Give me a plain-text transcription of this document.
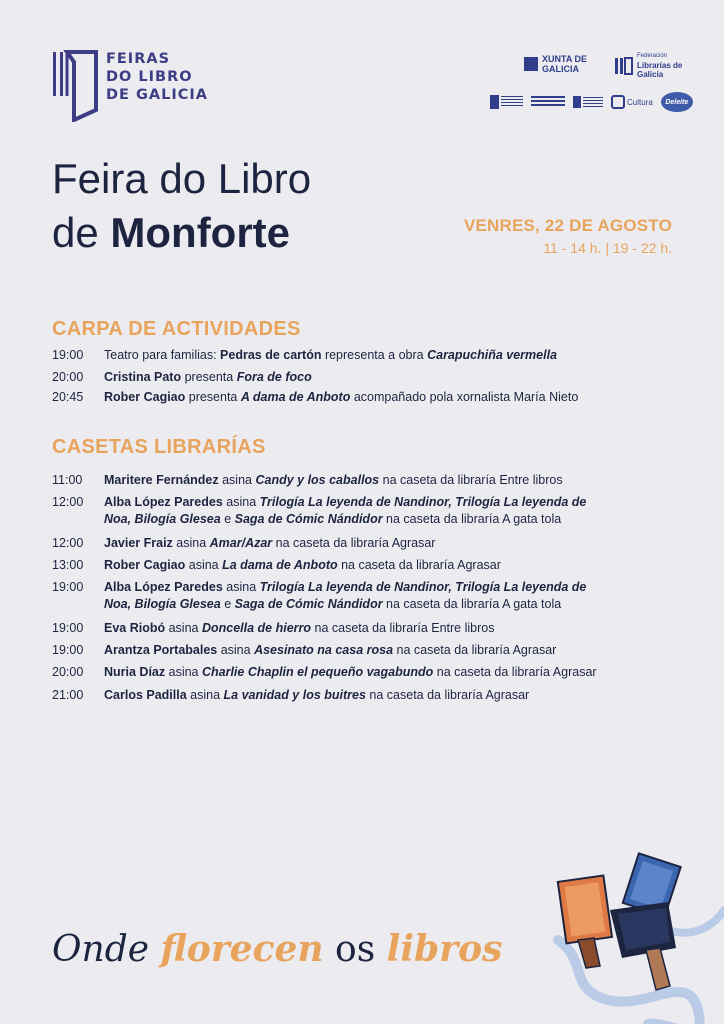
FEIRAS
DO LIBRO
DE GALICIA
XUNTA DE GALICIA
Federación
Librarías de Galicia
Cultura Deleite
Feira do Libro
de Monforte	VENRES, 22 DE AGOSTO
11 - 14 h. | 19 - 22 h.
CARPA DE ACTIVIDADES
19:00	Teatro para familias: Pedras de cartón representa a obra Carapuchiña vermella
20:00	Cristina Pato presenta Fora de foco
20:45	Rober Cagiao presenta A dama de Anboto acompañado pola xornalista María Nieto
CASETAS LIBRARÍAS
11:00	Maritere Fernández asina Candy y los caballos na caseta da libraría Entre libros
12:00	Alba López Paredes asina Trilogía La leyenda de Nandinor, Trilogía La leyenda de Noa, Bilogía Glesea e Saga de Cómic Nándidor na caseta da libraría A gata tola
12:00	Javier Fraiz asina Amar/Azar na caseta da libraría Agrasar
13:00	Rober Cagiao asina La dama de Anboto na caseta da libraría Agrasar
19:00	Alba López Paredes asina Trilogía La leyenda de Nandinor, Trilogía La leyenda de Noa, Bilogía Glesea e Saga de Cómic Nándidor na caseta da libraría A gata tola
19:00	Eva Riobó asina Doncella de hierro na caseta da libraría Entre libros
19:00	Arantza Portabales asina Asesinato na casa rosa na caseta da libraría Agrasar
20:00	Nuria Díaz asina Charlie Chaplin el pequeño vagabundo na caseta da libraría Agrasar
21:00	Carlos Padilla asina La vanidad y los buitres na caseta da libraría Agrasar
Onde florecen os libros
